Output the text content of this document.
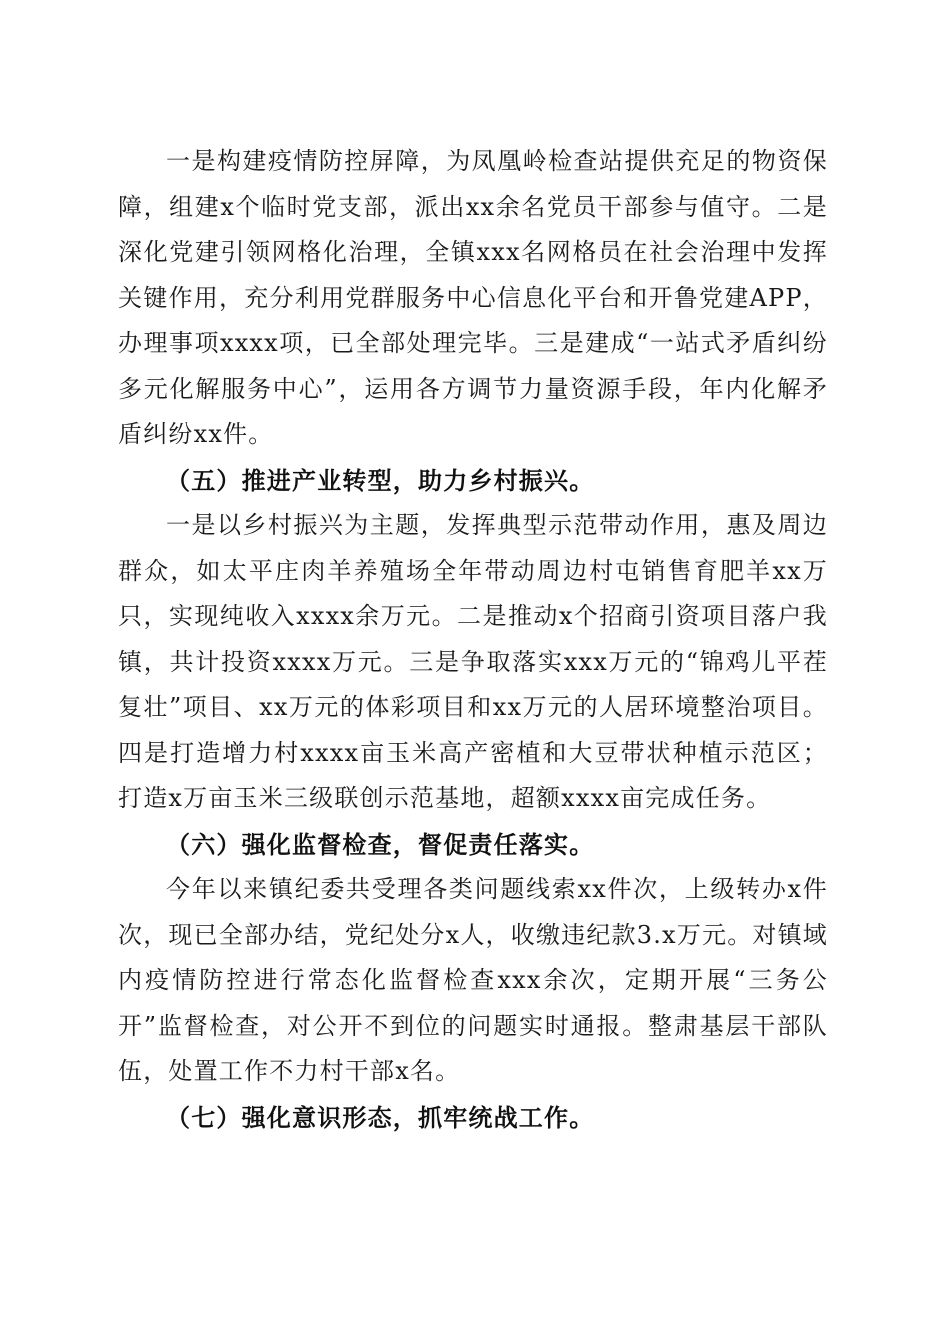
一是构建疫情防控屏障，为凤凰岭检查站提供充足的物资保障，组建x个临时党支部，派出xx余名党员干部参与值守。二是深化党建引领网格化治理，全镇xxx名网格员在社会治理中发挥关键作用，充分利用党群服务中心信息化平台和开鲁党建APP，办理事项xxxx项，已全部处理完毕。三是建成“一站式矛盾纠纷多元化解服务中心”，运用各方调节力量资源手段，年内化解矛盾纠纷xx件。

（五）推进产业转型，助力乡村振兴。

一是以乡村振兴为主题，发挥典型示范带动作用，惠及周边群众，如太平庄肉羊养殖场全年带动周边村屯销售育肥羊xx万只，实现纯收入xxxx余万元。二是推动x个招商引资项目落户我镇，共计投资xxxx万元。三是争取落实xxx万元的“锦鸡儿平茬复壮”项目、xx万元的体彩项目和xx万元的人居环境整治项目。四是打造增力村xxxx亩玉米高产密植和大豆带状种植示范区；打造x万亩玉米三级联创示范基地，超额xxxx亩完成任务。

（六）强化监督检查，督促责任落实。

今年以来镇纪委共受理各类问题线索xx件次，上级转办x件次，现已全部办结，党纪处分x人，收缴违纪款3.x万元。对镇域内疫情防控进行常态化监督检查xxx余次，定期开展“三务公开”监督检查，对公开不到位的问题实时通报。整肃基层干部队伍，处置工作不力村干部x名。

（七）强化意识形态，抓牢统战工作。
